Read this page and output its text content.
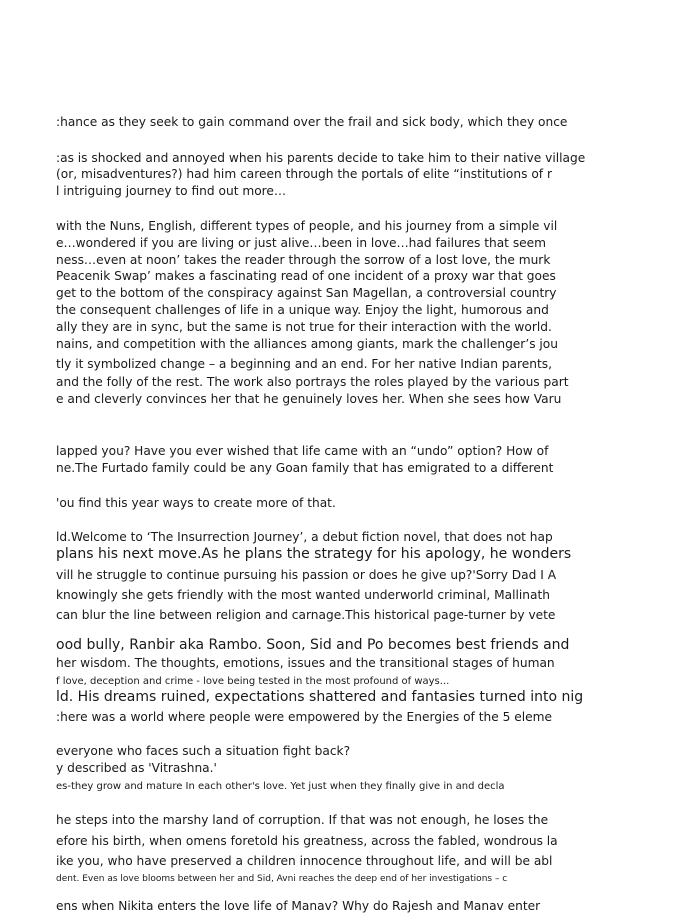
:hance as they seek to gain command over the frail and sick body, which they once
:as is shocked and annoyed when his parents decide to take him to their native village
(or, misadventures?) had him careen through the portals of elite “institutions of r
l intriguing journey to find out more…
with the Nuns, English, different types of people, and his journey from a simple vil
e…wondered if you are living or just alive…been in love…had failures that seem
ness…even at noon’ takes the reader through the sorrow of a lost love, the murk
Peacenik Swap’ makes a fascinating read of one incident of a proxy war that goes
get to the bottom of the conspiracy against San Magellan, a controversial country
the consequent challenges of life in a unique way. Enjoy the light, humorous and
ally they are in sync, but the same is not true for their interaction with the world.
nains, and competition with the alliances among giants, mark the challenger’s jou
tly it symbolized change – a beginning and an end. For her native Indian parents,
and the folly of the rest. The work also portrays the roles played by the various part
e and cleverly convinces her that he genuinely loves her. When she sees how Varu
lapped you? Have you ever wished that life came with an “undo” option? How of
ne.The Furtado family could be any Goan family that has emigrated to a different
'ou find this year ways to create more of that.
ld.Welcome to ‘The Insurrection Journey’, a debut fiction novel, that does not hap
plans his next move.As he plans the strategy for his apology, he wonders
vill he struggle to continue pursuing his passion or does he give up?'Sorry Dad I A
knowingly she gets friendly with the most wanted underworld criminal, Mallinath
can blur the line between religion and carnage.This historical page-turner by vete
ood bully, Ranbir aka Rambo. Soon, Sid and Po becomes best friends and
her wisdom. The thoughts, emotions, issues and the transitional stages of human
f love, deception and crime - love being tested in the most profound of ways...
ld. His dreams ruined, expectations shattered and fantasies turned into nig
:here was a world where people were empowered by the Energies of the 5 eleme
everyone who faces such a situation fight back?
y described as 'Vitrashna.'
es-they grow and mature In each other's love. Yet just when they finally give in and decla
he steps into the marshy land of corruption. If that was not enough, he loses the
efore his birth, when omens foretold his greatness, across the fabled, wondrous la
ike you, who have preserved a children innocence throughout life, and will be abl
dent. Even as love blooms between her and Sid, Avni reaches the deep end of her investigations – c
ens when Nikita enters the love life of Manav? Why do Rajesh and Manav enter
